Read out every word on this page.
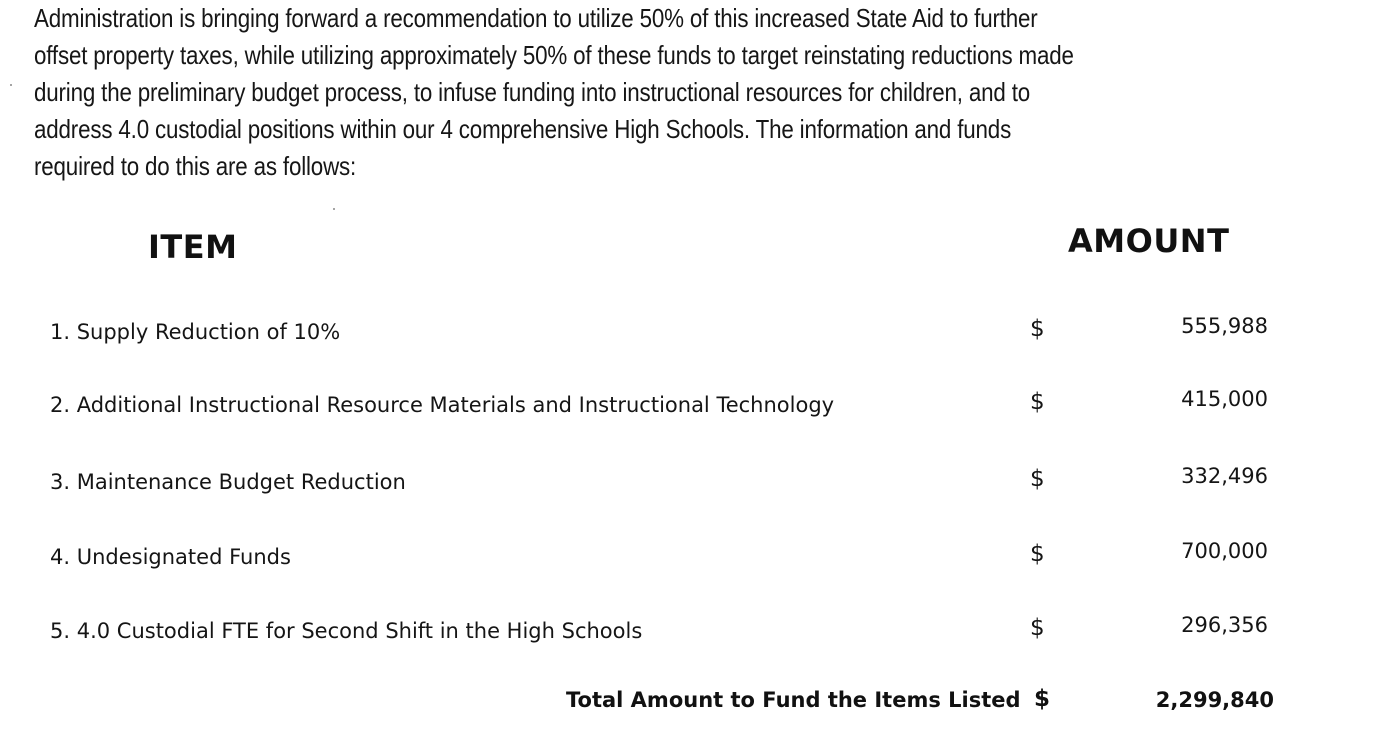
Administration is bringing forward a recommendation to utilize 50% of this increased State Aid to further
offset property taxes, while utilizing approximately 50% of these funds to target reinstating reductions made
during the preliminary budget process, to infuse funding into instructional resources for children, and to
address 4.0 custodial positions within our 4 comprehensive High Schools. The information and funds
required to do this are as follows:
ITEM	AMOUNT
1. Supply Reduction of 10%	$	555,988
2. Additional Instructional Resource Materials and Instructional Technology	$	415,000
3. Maintenance Budget Reduction	$	332,496
4. Undesignated Funds	$	700,000
5. 4.0 Custodial FTE for Second Shift in the High Schools	$	296,356
Total Amount to Fund the Items Listed $	2,299,840
